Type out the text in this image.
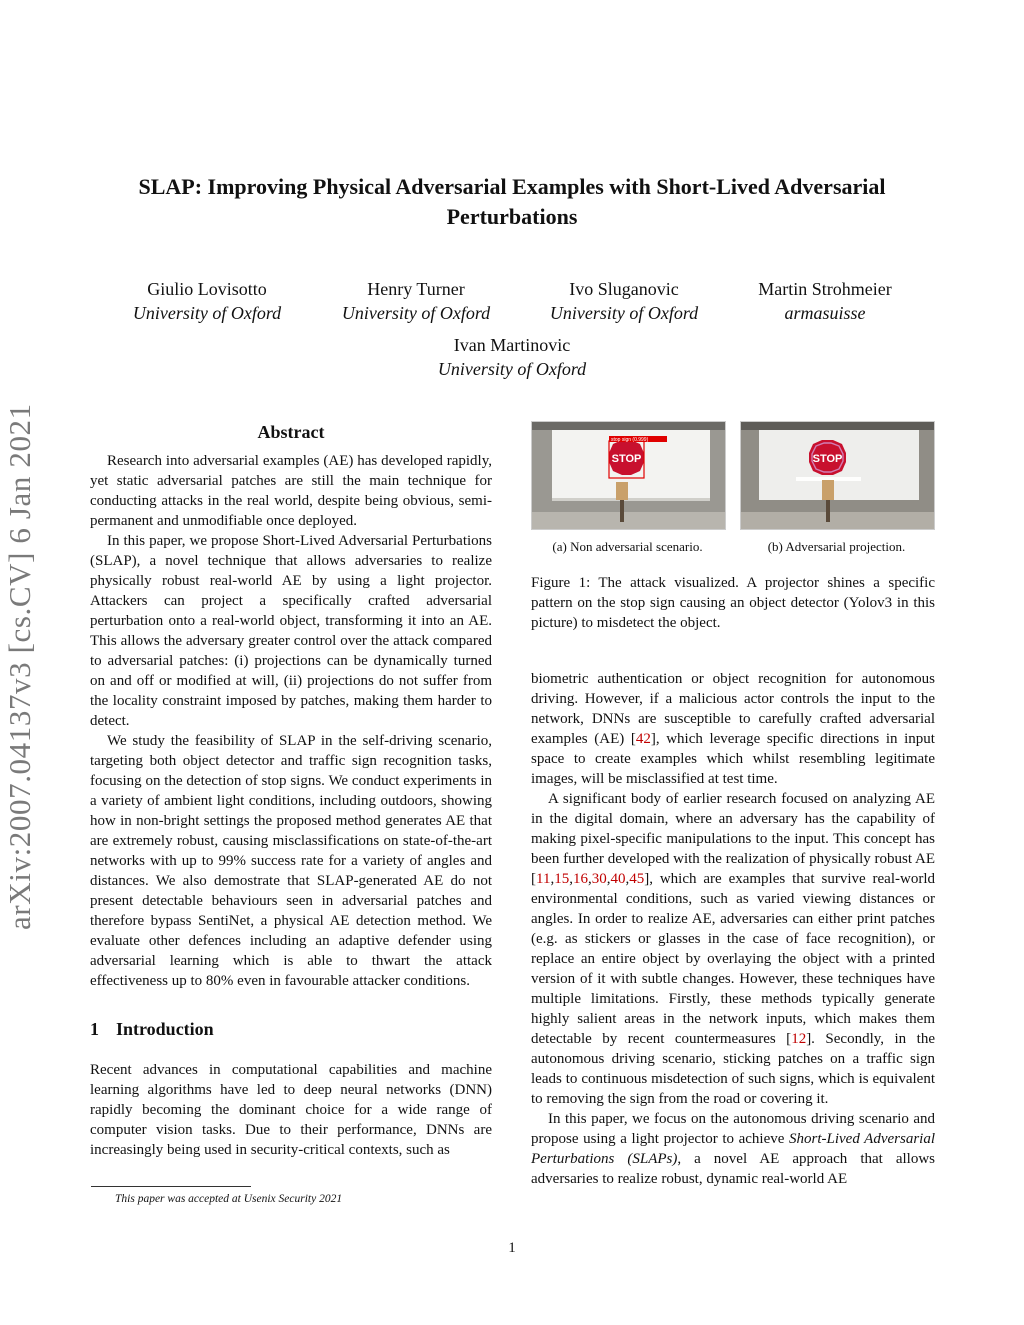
SLAP: Improving Physical Adversarial Examples with Short-Lived Adversarial
Perturbations
Giulio Lovisotto
University of Oxford
Henry Turner
University of Oxford
Ivo Sluganovic
University of Oxford
Martin Strohmeier
armasuisse
Ivan Martinovic
University of Oxford
arXiv:2007.04137v3 [cs.CV] 6 Jan 2021	Abstract

Research into adversarial examples (AE) has developed rapidly, yet static adversarial patches are still the main technique for conducting attacks in the real world, despite being obvious, semi-permanent and unmodifiable once deployed.

In this paper, we propose Short-Lived Adversarial Perturbations (SLAP), a novel technique that allows adversaries to realize physically robust real-world AE by using a light projector. Attackers can project a specifically crafted adversarial perturbation onto a real-world object, transforming it into an AE. This allows the adversary greater control over the attack compared to adversarial patches: (i) projections can be dynamically turned on and off or modified at will, (ii) projections do not suffer from the locality constraint imposed by patches, making them harder to detect.

We study the feasibility of SLAP in the self-driving scenario, targeting both object detector and traffic sign recognition tasks, focusing on the detection of stop signs. We conduct experiments in a variety of ambient light conditions, including outdoors, showing how in non-bright settings the proposed method generates AE that are extremely robust, causing misclassifications on state-of-the-art networks with up to 99% success rate for a variety of angles and distances. We also demostrate that SLAP-generated AE do not present detectable behaviours seen in adversarial patches and therefore bypass SentiNet, a physical AE detection method. We evaluate other defences including an adaptive defender using adversarial learning which is able to thwart the attack effectiveness up to 80% even in favourable attacker conditions.

1 Introduction

Recent advances in computational capabilities and machine learning algorithms have led to deep neural networks (DNN) rapidly becoming the dominant choice for a wide range of computer vision tasks. Due to their performance, DNNs are increasingly being used in security-critical contexts, such as

This paper was accepted at Usenix Security 2021
STOP
stop sign (0.999)
STOP
(a) Non adversarial scenario.	(b) Adversarial projection.
Figure 1: The attack visualized. A projector shines a specific pattern on the stop sign causing an object detector (Yolov3 in this picture) to misdetect the object.

biometric authentication or object recognition for autonomous driving. However, if a malicious actor controls the input to the network, DNNs are susceptible to carefully crafted adversarial examples (AE) [42], which leverage specific directions in input space to create examples which whilst resembling legitimate images, will be misclassified at test time.

A significant body of earlier research focused on analyzing AE in the digital domain, where an adversary has the capability of making pixel-specific manipulations to the input. This concept has been further developed with the realization of physically robust AE [11,15,16,30,40,45], which are examples that survive real-world environmental conditions, such as varied viewing distances or angles. In order to realize AE, adversaries can either print patches (e.g. as stickers or glasses in the case of face recognition), or replace an entire object by overlaying the object with a printed version of it with subtle changes. However, these techniques have multiple limitations. Firstly, these methods typically generate highly salient areas in the network inputs, which makes them detectable by recent countermeasures [12]. Secondly, in the autonomous driving scenario, sticking patches on a traffic sign leads to continuous misdetection of such signs, which is equivalent to removing the sign from the road or covering it.

In this paper, we focus on the autonomous driving scenario and propose using a light projector to achieve Short-Lived Adversarial Perturbations (SLAPs), a novel AE approach that allows adversaries to realize robust, dynamic real-world AE

1
